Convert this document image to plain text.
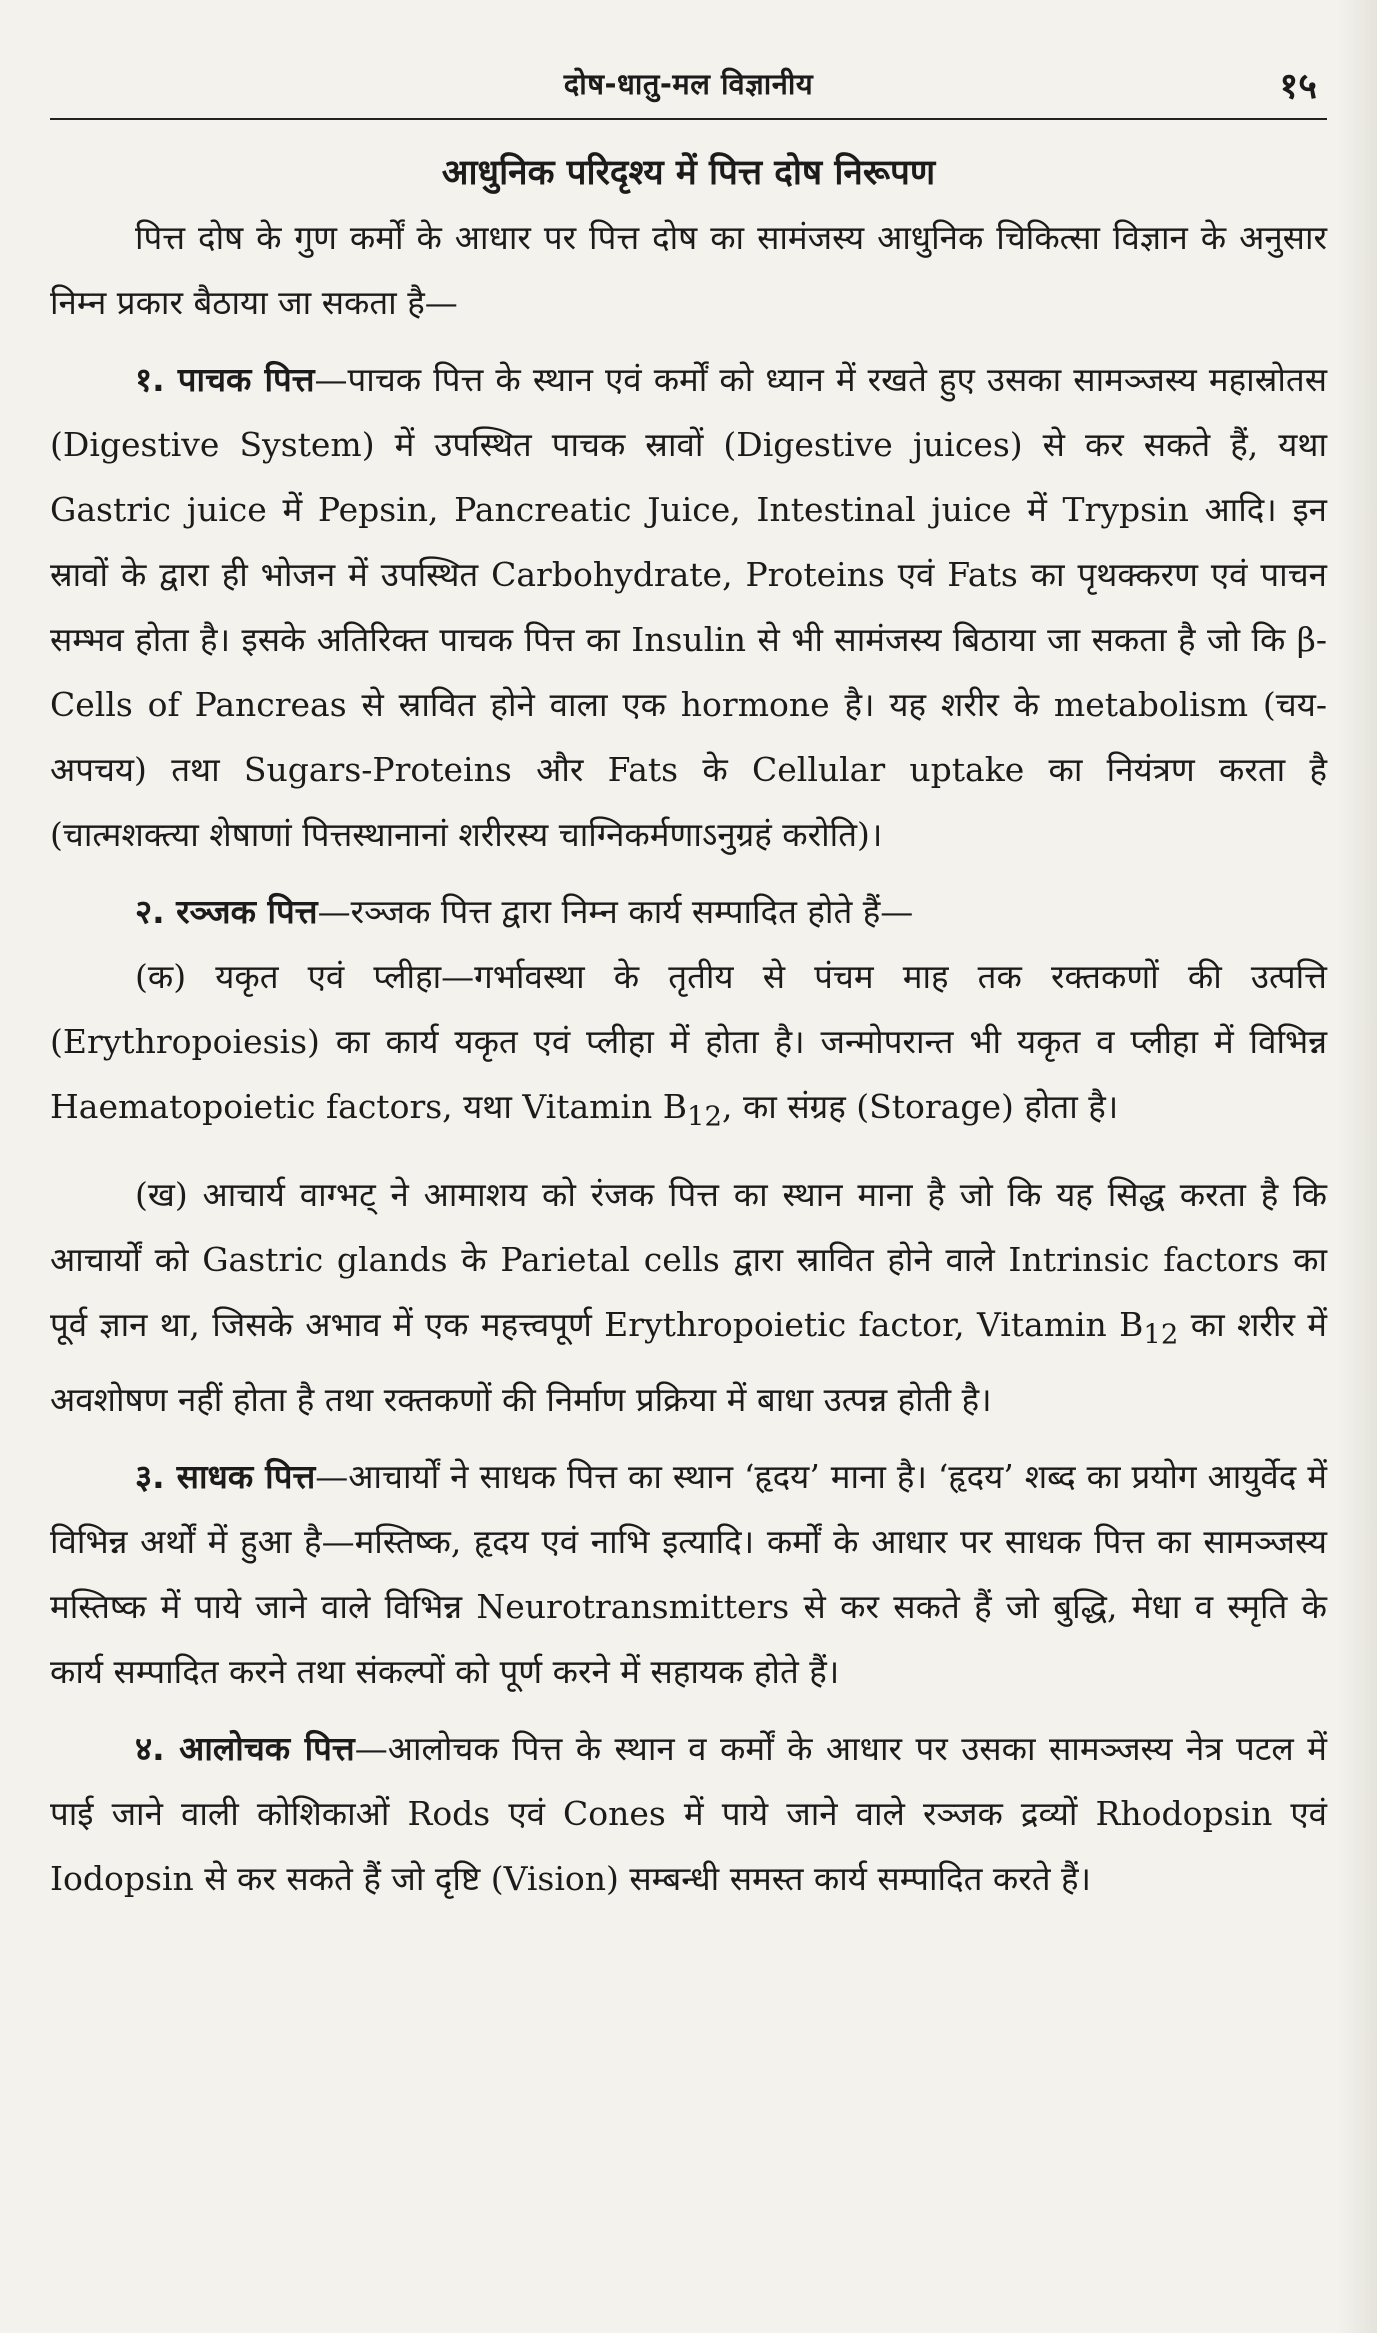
दोष-धातु-मल विज्ञानीय	१५
आधुनिक परिदृश्य में पित्त दोष निरूपण

पित्त दोष के गुण कर्मों के आधार पर पित्त दोष का सामंजस्य आधुनिक चिकित्सा विज्ञान के अनुसार निम्न प्रकार बैठाया जा सकता है—

१. पाचक पित्त—पाचक पित्त के स्थान एवं कर्मों को ध्यान में रखते हुए उसका सामञ्जस्य महास्रोतस (Digestive System) में उपस्थित पाचक स्रावों (Digestive juices) से कर सकते हैं, यथा Gastric juice में Pepsin, Pancreatic Juice, Intestinal juice में Trypsin आदि। इन स्रावों के द्वारा ही भोजन में उपस्थित Carbohydrate, Proteins एवं Fats का पृथक्करण एवं पाचन सम्भव होता है। इसके अतिरिक्त पाचक पित्त का Insulin से भी सामंजस्य बिठाया जा सकता है जो कि β-Cells of Pancreas से स्रावित होने वाला एक hormone है। यह शरीर के metabolism (चय-अपचय) तथा Sugars-Proteins और Fats के Cellular uptake का नियंत्रण करता है (चात्मशक्त्या शेषाणां पित्तस्थानानां शरीरस्य चाग्निकर्मणाऽनुग्रहं करोति)।

२. रञ्जक पित्त—रञ्जक पित्त द्वारा निम्न कार्य सम्पादित होते हैं—

(क) यकृत एवं प्लीहा—गर्भावस्था के तृतीय से पंचम माह तक रक्तकणों की उत्पत्ति (Erythropoiesis) का कार्य यकृत एवं प्लीहा में होता है। जन्मोपरान्त भी यकृत व प्लीहा में विभिन्न Haematopoietic factors, यथा Vitamin $B_{12}$, का संग्रह (Storage) होता है।

(ख) आचार्य वाग्भट् ने आमाशय को रंजक पित्त का स्थान माना है जो कि यह सिद्ध करता है कि आचार्यों को Gastric glands के Parietal cells द्वारा स्रावित होने वाले Intrinsic factors का पूर्व ज्ञान था, जिसके अभाव में एक महत्त्वपूर्ण Erythropoietic factor, Vitamin $B_{12}$ का शरीर में अवशोषण नहीं होता है तथा रक्तकणों की निर्माण प्रक्रिया में बाधा उत्पन्न होती है।

३. साधक पित्त—आचार्यों ने साधक पित्त का स्थान ‘हृदय’ माना है। ‘हृदय’ शब्द का प्रयोग आयुर्वेद में विभिन्न अर्थों में हुआ है—मस्तिष्क, हृदय एवं नाभि इत्यादि। कर्मों के आधार पर साधक पित्त का सामञ्जस्य मस्तिष्क में पाये जाने वाले विभिन्न Neurotransmitters से कर सकते हैं जो बुद्धि, मेधा व स्मृति के कार्य सम्पादित करने तथा संकल्पों को पूर्ण करने में सहायक होते हैं।

४. आलोचक पित्त—आलोचक पित्त के स्थान व कर्मों के आधार पर उसका सामञ्जस्य नेत्र पटल में पाई जाने वाली कोशिकाओं Rods एवं Cones में पाये जाने वाले रञ्जक द्रव्यों Rhodopsin एवं Iodopsin से कर सकते हैं जो दृष्टि (Vision) सम्बन्धी समस्त कार्य सम्पादित करते हैं।
